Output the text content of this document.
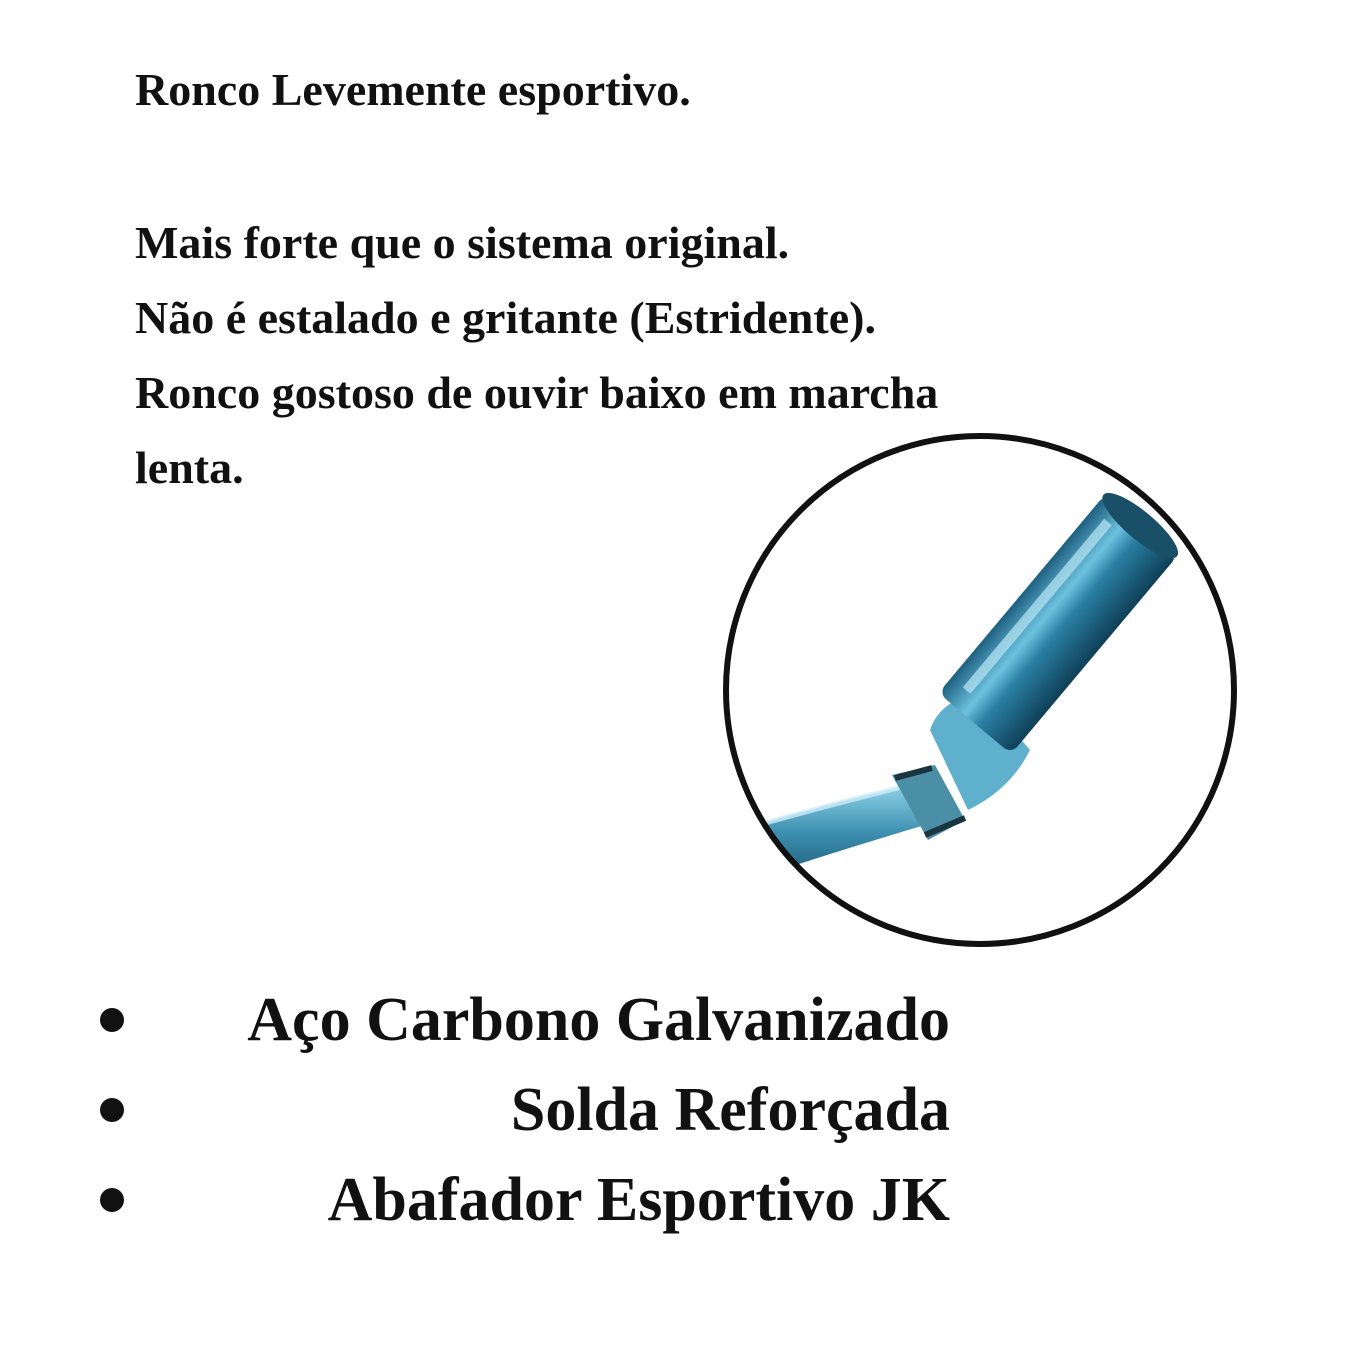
Ronco Levemente esportivo.

Mais forte que o sistema original.

Não é estalado e gritante (Estridente).

Ronco gostoso de ouvir baixo em marcha

lenta.

Aço Carbono Galvanizado
Solda Reforçada
Abafador Esportivo JK
